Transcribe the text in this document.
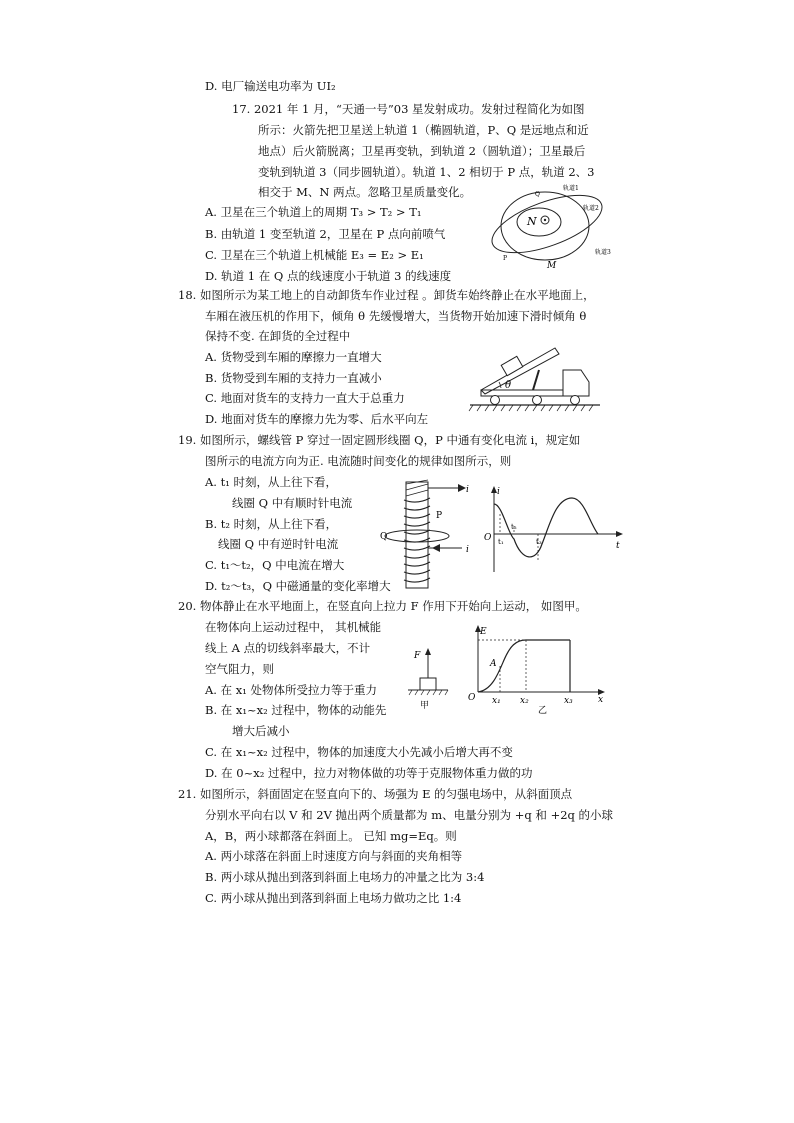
D. 电厂输送电功率为 UI₂
17. 2021 年 1 月，“天通一号”03 星发射成功。发射过程简化为如图
所示：火箭先把卫星送上轨道 1（椭圆轨道，P、Q 是远地点和近
地点）后火箭脱离；卫星再变轨，到轨道 2（圆轨道）；卫星最后
变轨到轨道 3（同步圆轨道）。轨道 1、2 相切于 P 点，轨道 2、3
相交于 M、N 两点。忽略卫星质量变化。
A. 卫星在三个轨道上的周期 T₃ > T₂ > T₁
B. 由轨道 1 变至轨道 2，卫星在 P 点向前喷气
C. 卫星在三个轨道上机械能 E₃ = E₂ > E₁
D. 轨道 1 在 Q 点的线速度小于轨道 3 的线速度
N
M
Q
P
轨道1
轨道2
轨道3
18. 如图所示为某工地上的自动卸货车作业过程 。卸货车始终静止在水平地面上，
车厢在液压机的作用下，倾角 θ 先缓慢增大，当货物开始加速下滑时倾角 θ
保持不变. 在卸货的全过程中
A. 货物受到车厢的摩擦力一直增大
B. 货物受到车厢的支持力一直减小
C. 地面对货车的支持力一直大于总重力
D. 地面对货车的摩擦力先为零、后水平向左
θ
19. 如图所示，螺线管 P 穿过一固定圆形线圈 Q，P 中通有变化电流 i，规定如
图所示的电流方向为正. 电流随时间变化的规律如图所示，则
A. t₁ 时刻，从上往下看，
线圈 Q 中有顺时针电流
B. t₂ 时刻，从上往下看，
线圈 Q 中有逆时针电流
C. t₁～t₂，Q 中电流在增大
D. t₂～t₃，Q 中磁通量的变化率增大
i
i
P
Q
i
O
t
t₁
t₂
t₃
20. 物体静止在水平地面上，在竖直向上拉力 F 作用下开始向上运动， 如图甲。
在物体向上运动过程中， 其机械能
线上 A 点的切线斜率最大，不计
空气阻力，则
A. 在 x₁ 处物体所受拉力等于重力
B. 在 x₁~x₂ 过程中，物体的动能先
增大后减小
C. 在 x₁~x₂ 过程中，物体的加速度大小先减小后增大再不变
D. 在 0~x₂ 过程中，拉力对物体做的功等于克服物体重力做的功
F
甲
E
A
O x₁ x₂	x₃	x
乙
21. 如图所示，斜面固定在竖直向下的、场强为 E 的匀强电场中，从斜面顶点
分别水平向右以 V 和 2V 抛出两个质量都为 m、电量分别为 +q 和 +2q 的小球
A，B，两小球都落在斜面上。 已知 mg=Eq。则
A. 两小球落在斜面上时速度方向与斜面的夹角相等
B. 两小球从抛出到落到斜面上电场力的冲量之比为 3:4
C. 两小球从抛出到落到斜面上电场力做功之比 1:4
